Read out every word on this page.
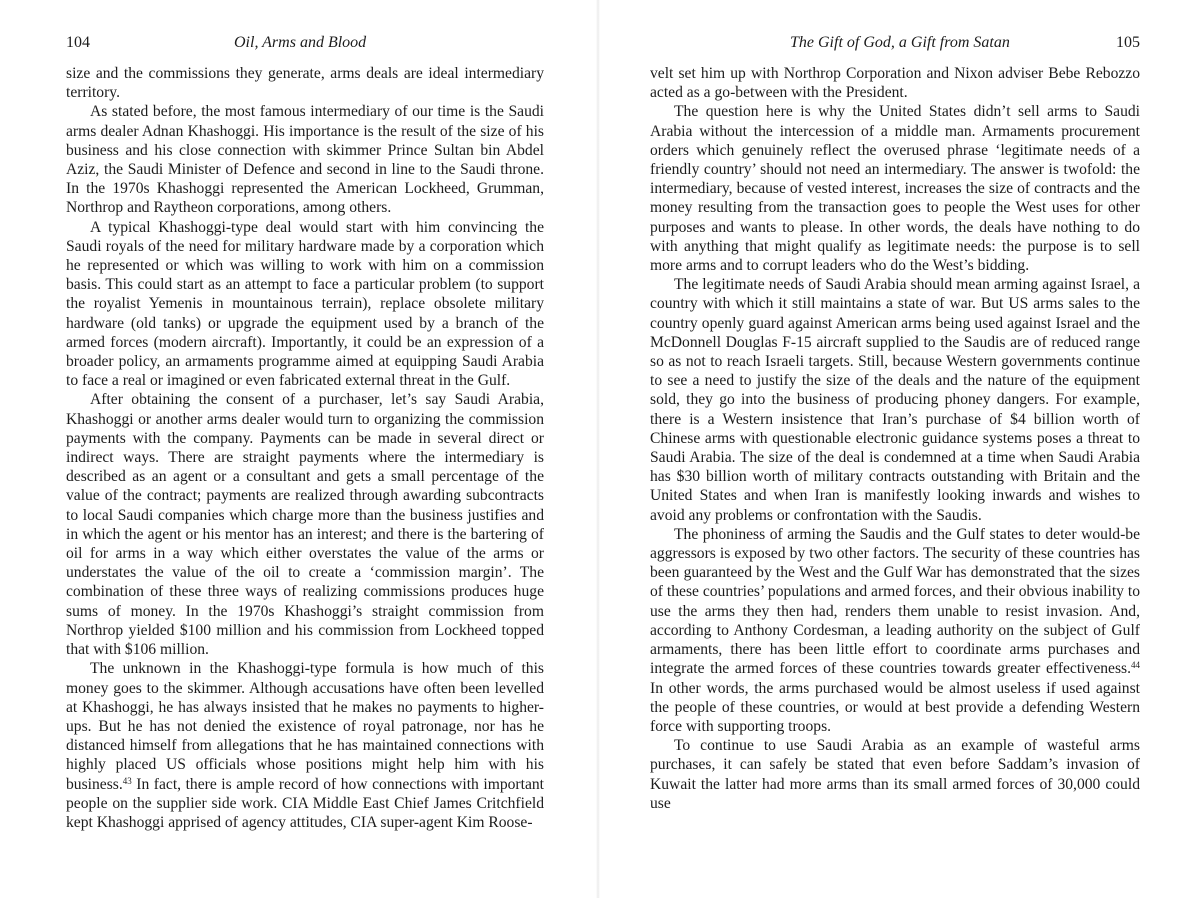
104	Oil, Arms and Blood

size and the commissions they generate, arms deals are ideal intermediary territory.

As stated before, the most famous intermediary of our time is the Saudi arms dealer Adnan Khashoggi. His importance is the result of the size of his business and his close connection with skimmer Prince Sultan bin Abdel Aziz, the Saudi Minister of Defence and second in line to the Saudi throne. In the 1970s Khashoggi represented the American Lockheed, Grumman, Northrop and Raytheon corporations, among others.

A typical Khashoggi-type deal would start with him convincing the Saudi royals of the need for military hardware made by a corporation which he represented or which was willing to work with him on a commission basis. This could start as an attempt to face a particular problem (to support the royalist Yemenis in mountainous terrain), replace obsolete military hardware (old tanks) or upgrade the equipment used by a branch of the armed forces (modern aircraft). Importantly, it could be an expression of a broader policy, an armaments programme aimed at equipping Saudi Arabia to face a real or imagined or even fabricated external threat in the Gulf.

After obtaining the consent of a purchaser, let’s say Saudi Arabia, Khashoggi or another arms dealer would turn to organizing the commission payments with the company. Payments can be made in several direct or indirect ways. There are straight payments where the intermediary is described as an agent or a consultant and gets a small percentage of the value of the contract; payments are realized through awarding subcontracts to local Saudi companies which charge more than the business justifies and in which the agent or his mentor has an interest; and there is the bartering of oil for arms in a way which either overstates the value of the arms or understates the value of the oil to create a ‘commission margin’. The combination of these three ways of realizing commissions produces huge sums of money. In the 1970s Khashoggi’s straight commission from Northrop yielded $100 million and his commission from Lockheed topped that with $106 million.

The unknown in the Khashoggi-type formula is how much of this money goes to the skimmer. Although accusations have often been levelled at Khashoggi, he has always insisted that he makes no payments to higher-ups. But he has not denied the existence of royal patronage, nor has he distanced himself from allegations that he has maintained connections with highly placed US officials whose positions might help him with his business.$^{43}$ In fact, there is ample record of how connections with important people on the supplier side work. CIA Middle East Chief James Critchfield kept Khashoggi apprised of agency attitudes, CIA super-agent Kim Roose-

The Gift of God, a Gift from Satan	105

velt set him up with Northrop Corporation and Nixon adviser Bebe Rebozzo acted as a go-between with the President.

The question here is why the United States didn’t sell arms to Saudi Arabia without the intercession of a middle man. Armaments procurement orders which genuinely reflect the overused phrase ‘legitimate needs of a friendly country’ should not need an intermediary. The answer is twofold: the intermediary, because of vested interest, increases the size of contracts and the money resulting from the transaction goes to people the West uses for other purposes and wants to please. In other words, the deals have nothing to do with anything that might qualify as legitimate needs: the purpose is to sell more arms and to corrupt leaders who do the West’s bidding.

The legitimate needs of Saudi Arabia should mean arming against Israel, a country with which it still maintains a state of war. But US arms sales to the country openly guard against American arms being used against Israel and the McDonnell Douglas F-15 aircraft supplied to the Saudis are of reduced range so as not to reach Israeli targets. Still, because Western governments continue to see a need to justify the size of the deals and the nature of the equipment sold, they go into the business of producing phoney dangers. For example, there is a Western insistence that Iran’s purchase of $4 billion worth of Chinese arms with questionable electronic guidance systems poses a threat to Saudi Arabia. The size of the deal is condemned at a time when Saudi Arabia has $30 billion worth of military contracts outstanding with Britain and the United States and when Iran is manifestly looking inwards and wishes to avoid any problems or confrontation with the Saudis.

The phoniness of arming the Saudis and the Gulf states to deter would-be aggressors is exposed by two other factors. The security of these countries has been guaranteed by the West and the Gulf War has demonstrated that the sizes of these countries’ populations and armed forces, and their obvious inability to use the arms they then had, renders them unable to resist invasion. And, according to Anthony Cordesman, a leading authority on the subject of Gulf armaments, there has been little effort to coordinate arms purchases and integrate the armed forces of these countries towards greater effectiveness.$^{44}$ In other words, the arms purchased would be almost useless if used against the people of these countries, or would at best provide a defending Western force with supporting troops.

To continue to use Saudi Arabia as an example of wasteful arms purchases, it can safely be stated that even before Saddam’s invasion of Kuwait the latter had more arms than its small armed forces of 30,000 could use
